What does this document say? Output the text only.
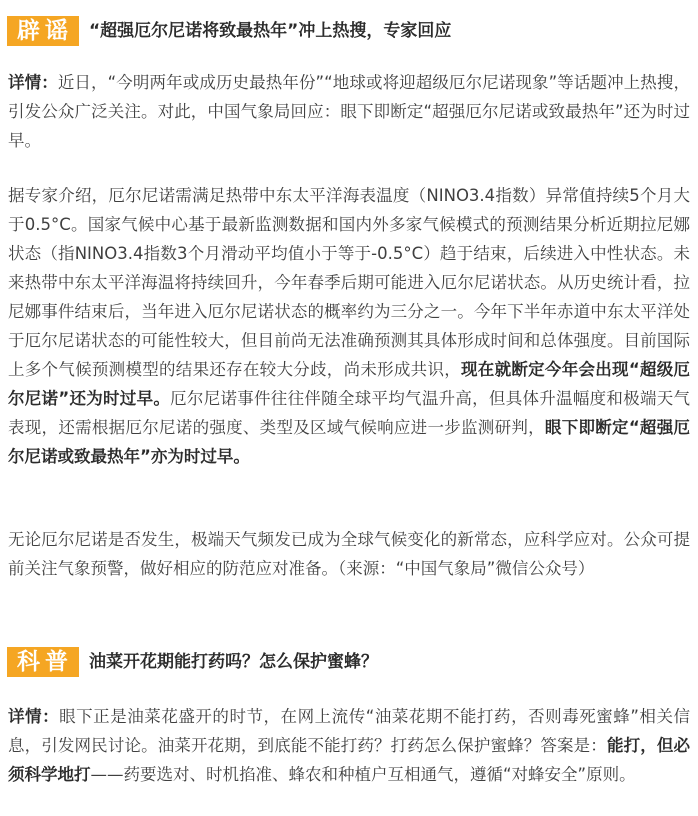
辟谣 “超强厄尔尼诺将致最热年”冲上热搜，专家回应

详情：近日，“今明两年或成历史最热年份”“地球或将迎超级厄尔尼诺现象”等话题冲上热搜，引发公众广泛关注。对此，中国气象局回应：眼下即断定“超强厄尔尼诺或致最热年”还为时过早。

据专家介绍，厄尔尼诺需满足热带中东太平洋海表温度（NINO3.4指数）异常值持续5个月大于0.5°C。国家气候中心基于最新监测数据和国内外多家气候模式的预测结果分析近期拉尼娜状态（指NINO3.4指数3个月滑动平均值小于等于-0.5°C）趋于结束，后续进入中性状态。未来热带中东太平洋海温将持续回升，今年春季后期可能进入厄尔尼诺状态。从历史统计看，拉尼娜事件结束后，当年进入厄尔尼诺状态的概率约为三分之一。今年下半年赤道中东太平洋处于厄尔尼诺状态的可能性较大，但目前尚无法准确预测其具体形成时间和总体强度。目前国际上多个气候预测模型的结果还存在较大分歧，尚未形成共识，现在就断定今年会出现“超级厄尔尼诺”还为时过早。厄尔尼诺事件往往伴随全球平均气温升高，但具体升温幅度和极端天气表现，还需根据厄尔尼诺的强度、类型及区域气候响应进一步监测研判，眼下即断定“超强厄尔尼诺或致最热年”亦为时过早。

无论厄尔尼诺是否发生，极端天气频发已成为全球气候变化的新常态，应科学应对。公众可提前关注气象预警，做好相应的防范应对准备。（来源：“中国气象局”微信公众号）

科普 油菜开花期能打药吗？怎么保护蜜蜂？

详情：眼下正是油菜花盛开的时节，在网上流传“油菜花期不能打药，否则毒死蜜蜂”相关信息，引发网民讨论。油菜开花期，到底能不能打药？打药怎么保护蜜蜂？答案是：能打，但必须科学地打——药要选对、时机掐准、蜂农和种植户互相通气，遵循“对蜂安全”原则。
